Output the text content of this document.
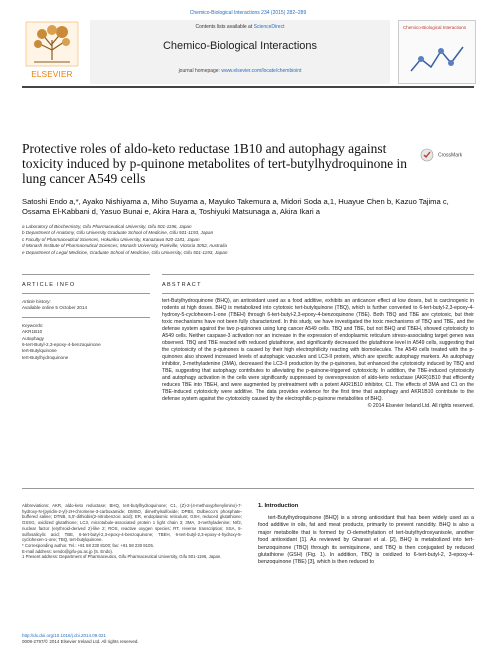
Chemico-Biological Interactions 234 (2015) 282–289
ELSEVIER
Contents lists available at ScienceDirect
Chemico-Biological Interactions
journal homepage: www.elsevier.com/locate/chembioint
Chemico-Biological Interactions
Protective roles of aldo-keto reductase 1B10 and autophagy against toxicity induced by p-quinone metabolites of tert-butylhydroquinone in lung cancer A549 cells
CrossMark
Satoshi Endo a,*, Ayako Nishiyama a, Miho Suyama a, Mayuko Takemura a, Midori Soda a,1, Huayue Chen b, Kazuo Tajima c, Ossama El-Kabbani d, Yasuo Bunai e, Akira Hara a, Toshiyuki Matsunaga a, Akira Ikari a
a Laboratory of Biochemistry, Gifu Pharmaceutical University, Gifu 501-1196, Japan
b Department of Anatomy, Gifu University Graduate School of Medicine, Gifu 501-1193, Japan
c Faculty of Pharmaceutical Sciences, Hokuriku University, Kanazawa 920-1181, Japan
d Monash Institute of Pharmaceutical Sciences, Monash University, Parkville, Victoria 3052, Australia
e Department of Legal Medicine, Graduate School of Medicine, Gifu University, Gifu 501-1193, Japan
ARTICLE INFO
Article history:
Available online 5 October 2014
Keywords:
AKR1B10
Autophagy
6-tert-Butyl-2,3-epoxy-4-benzoquinone
tert-Butylquinone
tert-Butylhydroquinone
ABSTRACT
tert-Butylhydroquinone (BHQ), an antioxidant used as a food additive, exhibits an anticancer effect at low doses, but is carcinogenic in rodents at high doses. BHQ is metabolized into cytotoxic tert-butylquinone (TBQ), which is further converted to 6-tert-butyl-2,3-epoxy-4-hydroxy-5-cyclohexen-1-one (TBEH) through 6-tert-butyl-2,3-epoxy-4-benzoquinone (TBE). Both TBQ and TBE are cytotoxic, but their toxic mechanisms have not been fully characterized. In this study, we have investigated the toxic mechanisms of TBQ and TBE, and the defense system against the two p-quinones using lung cancer A549 cells. TBQ and TBE, but not BHQ and TBEH, showed cytotoxicity to A549 cells. Neither caspase-3 activation nor an increase in the expression of endoplasmic reticulum stress-associating target genes was observed. TBQ and TBE reacted with reduced glutathione, and significantly decreased the glutathione level in A549 cells, suggesting that the cytotoxicity of the p-quinones is caused by their high electrophilicity reacting with biomolecules. The A549 cells treated with the p-quinones also showed increased levels of autophagic vacuoles and LC3-II protein, which are specific autophagy markers. An autophagy inhibitor, 3-methyladenine (3MA), decreased the LC3-II production by the p-quinones, but enhanced the cytotoxicity induced by TBQ and TBE, suggesting that autophagy contributes to alleviating the p-quinone-triggered cytotoxicity. In addition, the TBE-induced cytotoxicity and autophagy activation in the cells were significantly suppressed by overexpression of aldo-keto reductase (AKR)1B10 that efficiently reduces TBE into TBEH, and were augmented by pretreatment with a potent AKR1B10 inhibitor, C1. The effects of 3MA and C1 on the TBE-induced cytotoxicity were additive. The data provides evidence for the first time that autophagy and AKR1B10 contribute to the defense system against the cytotoxicity caused by the electrophilic p-quinone metabolites of BHQ.
© 2014 Elsevier Ireland Ltd. All rights reserved.
Abbreviations: AKR, aldo-keto reductase; BHQ, tert-butylhydroquinone; C1, (Z)-2-(4-methoxyphenylimino)-7-hydroxy-N-(pyridin-2-yl)-2H-chromene-3-carboxamide; DMSO, dimethylsulfoxide; DPBS, Dulbecco's phosphate-buffered saline; DTNB, 5,5'-dithiobis(2-nitrobenzoic acid); ER, endoplasmic reticulum; GSH, reduced glutathione; GSSG, oxidized glutathione; LC3, microtubule-associated protein 1 light chain 3; 3MA, 3-methyladenine; Nrf2, nuclear factor (erythroid-derived 2)-like 2; ROS, reactive oxygen species; RT, reverse transcription; SSA, 5-sulfosalicylic acid; TBE, 6-tert-butyl-2,3-epoxy-4-benzoquinone; TBEH, 6-tert-butyl-2,3-epoxy-4-hydroxy-5-cyclohexen-1-one; TBQ, tert-butylquinone.
* Corresponding author. Tel.: +81 58 230 8100; fax: +81 58 230 8105.
E-mail address: sendo@gifu-pu.ac.jp (S. Endo).
1 Present address: Department of Pharmaceutics, Gifu Pharmaceutical University, Gifu 501-1196, Japan.
1. Introduction
tert-Butylhydroquinone (BHQ) is a strong antioxidant that has been widely used as a food additive in oils, fat and meat products, primarily to prevent rancidity. BHQ is also a major metabolite that is formed by O-demethylation of tert-butylhydroxyanisole, another food antioxidant [1]. As reviewed by Gharavi et al. [2], BHQ is metabolized into tert-benzoquinone (TBQ) through its semiquinone, and TBQ is then conjugated by reduced glutathione (GSH) (Fig. 1). In addition, TBQ is oxidized to 6-tert-butyl-2, 3-epoxy-4-benzoquinone (TBE) [3], which is then reduced to
http://dx.doi.org/10.1016/j.cbi.2014.09.021
0009-2797/© 2014 Elsevier Ireland Ltd. All rights reserved.
